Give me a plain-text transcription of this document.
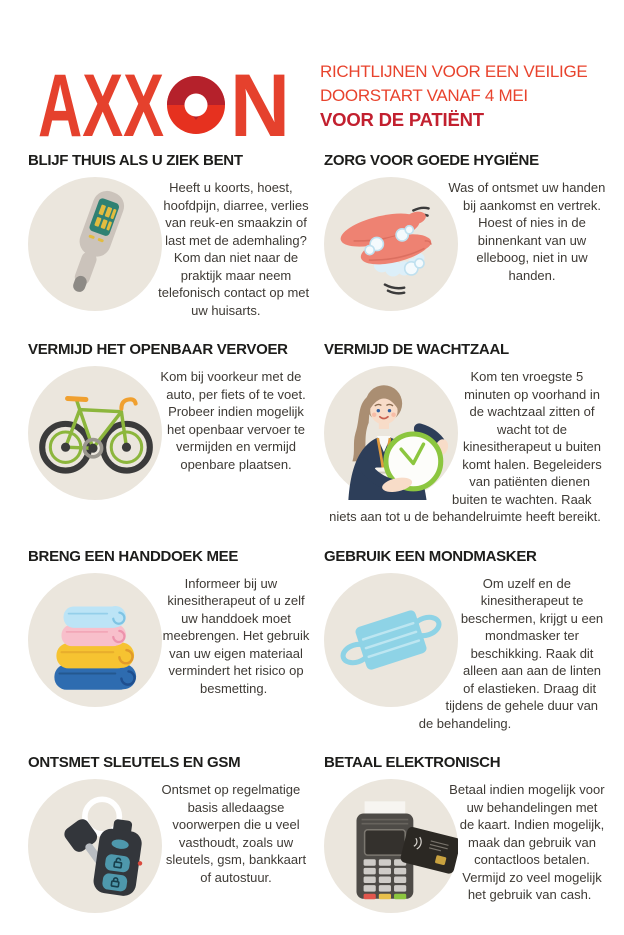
AXX N RICHTLIJNEN VOOR EEN VEILIGE
DOORSTART VANAF 4 MEI
VOOR DE PATIËNT
BLIJF THUIS ALS U ZIEK BENT

Heeft u koorts, hoest, hoofdpijn, diarree, verlies van reuk-en smaakzin of last met de ademhaling? Kom dan niet naar de praktijk maar neem telefonisch contact op met uw huisarts.

ZORG VOOR GOEDE HYGIËNE

Was of ontsmet uw handen bij aankomst en vertrek. Hoest of nies in de binnenkant van uw elleboog, niet in uw handen.

VERMIJD HET OPENBAAR VERVOER

Kom bij voorkeur met de auto, per fiets of te voet. Probeer indien mogelijk het openbaar vervoer te vermijden en vermijd openbare plaatsen.

VERMIJD DE WACHTZAAL

Kom ten vroegste 5 minuten op voorhand in de wachtzaal zitten of wacht tot de kinesitherapeut u buiten komt halen. Begeleiders van patiënten dienen buiten te wachten. Raak niets aan tot u de behandelruimte heeft bereikt.

BRENG EEN HANDDOEK MEE

Informeer bij uw kinesitherapeut of u zelf uw handdoek moet meebrengen. Het gebruik van uw eigen materiaal vermindert het risico op besmetting.

GEBRUIK EEN MONDMASKER

Om uzelf en de kinesitherapeut te beschermen, krijgt u een mondmasker ter beschikking. Raak dit alleen aan aan de linten of elastieken. Draag dit tijdens de gehele duur van de behandeling.

ONTSMET SLEUTELS EN GSM

Ontsmet op regelmatige basis alledaagse voorwerpen die u veel vasthoudt, zoals uw sleutels, gsm, bankkaart of autostuur.

BETAAL ELEKTRONISCH

Betaal indien mogelijk voor uw behandelingen met de kaart. Indien mogelijk, maak dan gebruik van contactloos betalen. Vermijd zo veel mogelijk het gebruik van cash.
